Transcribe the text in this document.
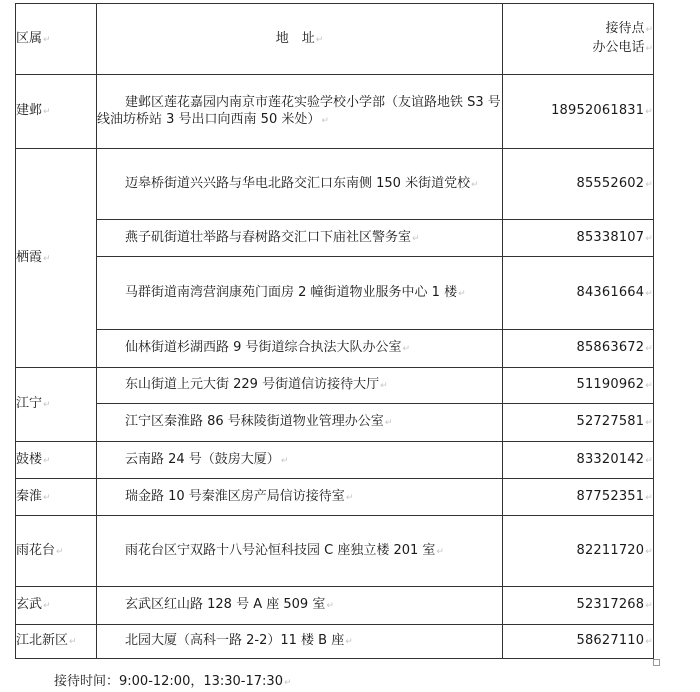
区属↵	地　址↵	接待点↵
办公电话↵
建邺↵	建邺区莲花嘉园内南京市莲花实验学校小学部（友谊路地铁 S3 号线油坊桥站 3 号出口向西南 50 米处）↵	18952061831↵
栖霞↵	迈皋桥街道兴兴路与华电北路交汇口东南侧 150 米街道党校↵	85552602↵
	燕子矶街道壮举路与春树路交汇口下庙社区警务室↵	85338107↵
	马群街道南湾营润康苑门面房 2 幢街道物业服务中心 1 楼↵	84361664↵
	仙林街道杉湖西路 9 号街道综合执法大队办公室↵	85863672↵
江宁↵	东山街道上元大街 229 号街道信访接待大厅↵	51190962↵
	江宁区秦淮路 86 号秣陵街道物业管理办公室↵	52727581↵
鼓楼↵	云南路 24 号（鼓房大厦）↵	83320142↵
秦淮↵	瑞金路 10 号秦淮区房产局信访接待室↵	87752351↵
雨花台↵	雨花台区宁双路十八号沁恒科技园 C 座独立楼 201 室↵	82211720↵
玄武↵	玄武区红山路 128 号 A 座 509 室↵	52317268↵
江北新区↵	北园大厦（高科一路 2-2）11 楼 B 座↵	58627110↵
接待时间：9:00-12:00，13:30-17:30↵
